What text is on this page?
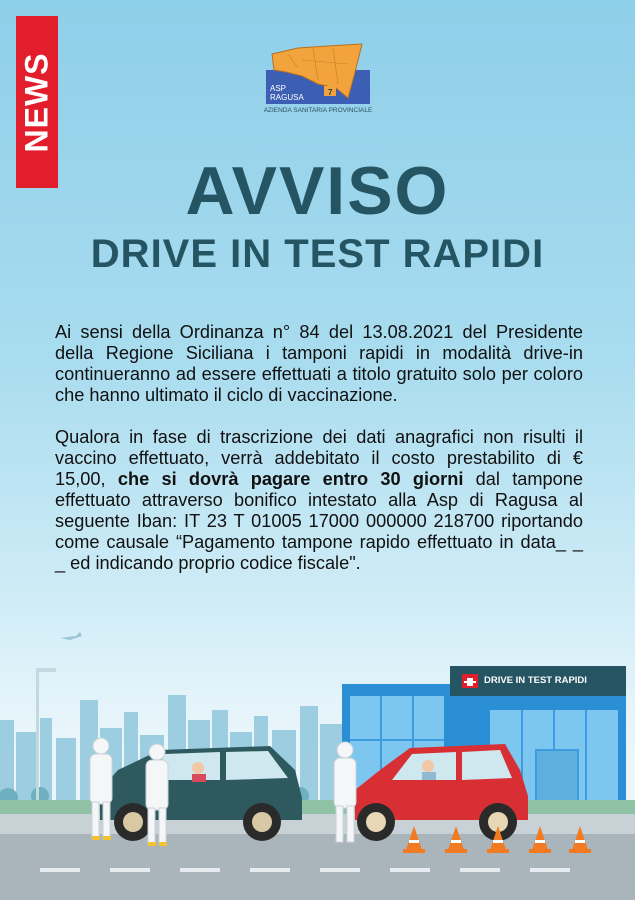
NEWS	ASP
RAGUSA
7
AZIENDA SANITARIA PROVINCIALE
AVVISO
DRIVE IN TEST RAPIDI

Ai sensi della Ordinanza n° 84 del 13.08.2021 del Presidente della Regione Siciliana i tamponi rapidi in modalità drive-in continueranno ad essere effettuati a titolo gratuito solo per coloro che hanno ultimato il ciclo di vaccinazione.

Qualora in fase di trascrizione dei dati anagrafici non risulti il vaccino effettuato, verrà addebitato il costo prestabilito di € 15,00, che si dovrà pagare entro 30 giorni dal tampone effettuato attraverso bonifico intestato alla Asp di Ragusa al seguente Iban: IT 23 T 01005 17000 000000 218700 riportando come causale “Pagamento tampone rapido effettuato in data_ _ _ ed indicando proprio codice fiscale".

DRIVE IN TEST RAPIDI
